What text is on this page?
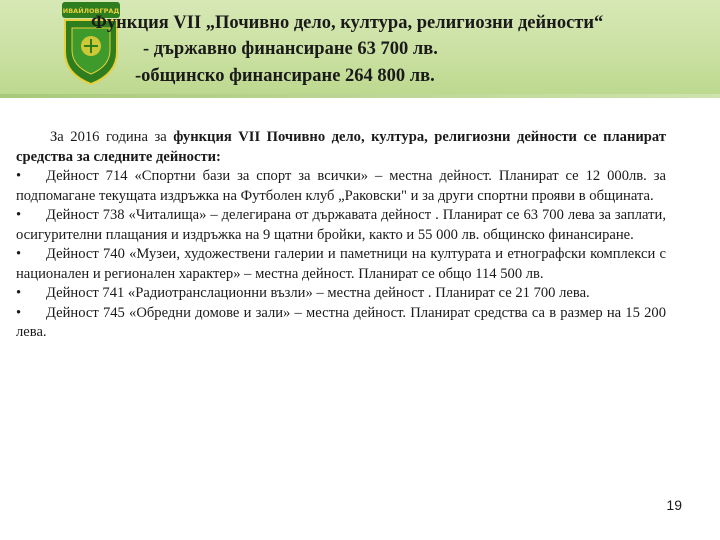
ИВАЙЛОВГРАД
Функция VII „Почивно дело, култура, религиозни дейности“
- държавно финансиране 63 700 лв.
-общинско финансиране 264 800 лв.

За 2016 година за функция VII Почивно дело, култура, религиозни дейности се планират средства за следните дейности:

• Дейност 714 «Спортни бази за спорт за всички» – местна дейност. Планират се 12 000лв. за подпомагане текущата издръжка на Футболен клуб „Раковски" и за други спортни прояви в общината.

• Дейност 738 «Читалища» – делегирана от държавата дейност . Планират се 63 700 лева за заплати, осигурителни плащания и издръжка на 9 щатни бройки, както и 55 000 лв. общинско финансиране.

• Дейност 740 «Музеи, художествени галерии и паметници на културата и етнографски комплекси с национален и регионален характер» – местна дейност. Планират се общо 114 500 лв.

• Дейност 741 «Радиотранслационни възли» – местна дейност . Планират се 21 700 лева.

• Дейност 745 «Обредни домове и зали» – местна дейност. Планират средства са в размер на 15 200 лева.

19
